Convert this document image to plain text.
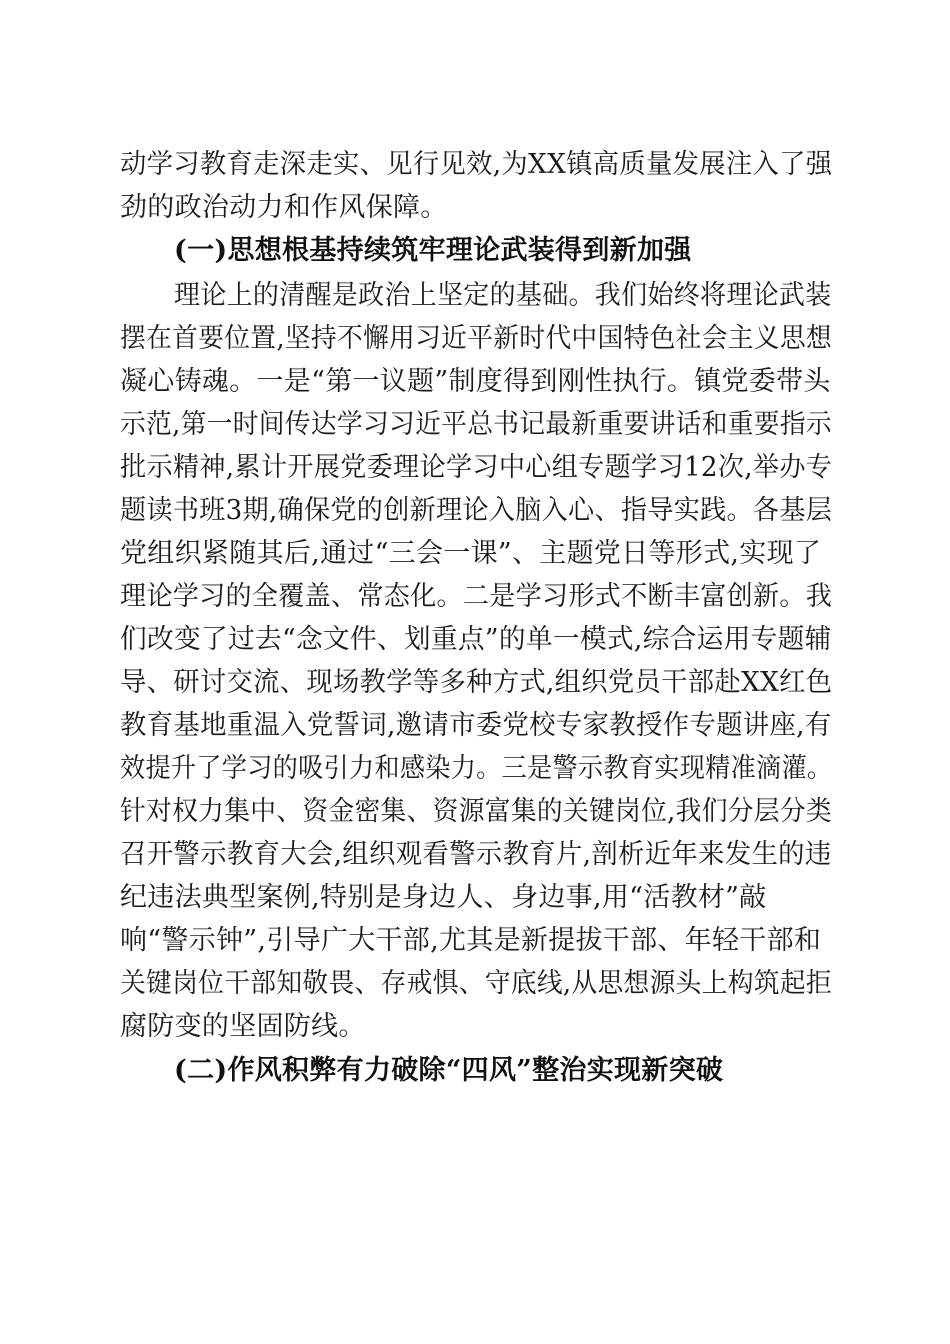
动学习教育走深走实、见行见效,为XX镇高质量发展注入了强
劲的政治动力和作风保障。
(一)思想根基持续筑牢理论武装得到新加强
理论上的清醒是政治上坚定的基础。我们始终将理论武装
摆在首要位置,坚持不懈用习近平新时代中国特色社会主义思想
凝心铸魂。一是“第一议题”制度得到刚性执行。镇党委带头
示范,第一时间传达学习习近平总书记最新重要讲话和重要指示
批示精神,累计开展党委理论学习中心组专题学习12次,举办专
题读书班3期,确保党的创新理论入脑入心、指导实践。各基层
党组织紧随其后,通过“三会一课”、主题党日等形式,实现了
理论学习的全覆盖、常态化。二是学习形式不断丰富创新。我
们改变了过去“念文件、划重点”的单一模式,综合运用专题辅
导、研讨交流、现场教学等多种方式,组织党员干部赴XX红色
教育基地重温入党誓词,邀请市委党校专家教授作专题讲座,有
效提升了学习的吸引力和感染力。三是警示教育实现精准滴灌。
针对权力集中、资金密集、资源富集的关键岗位,我们分层分类
召开警示教育大会,组织观看警示教育片,剖析近年来发生的违
纪违法典型案例,特别是身边人、身边事,用“活教材”敲
响“警示钟”,引导广大干部,尤其是新提拔干部、年轻干部和
关键岗位干部知敬畏、存戒惧、守底线,从思想源头上构筑起拒
腐防变的坚固防线。
(二)作风积弊有力破除“四风”整治实现新突破
